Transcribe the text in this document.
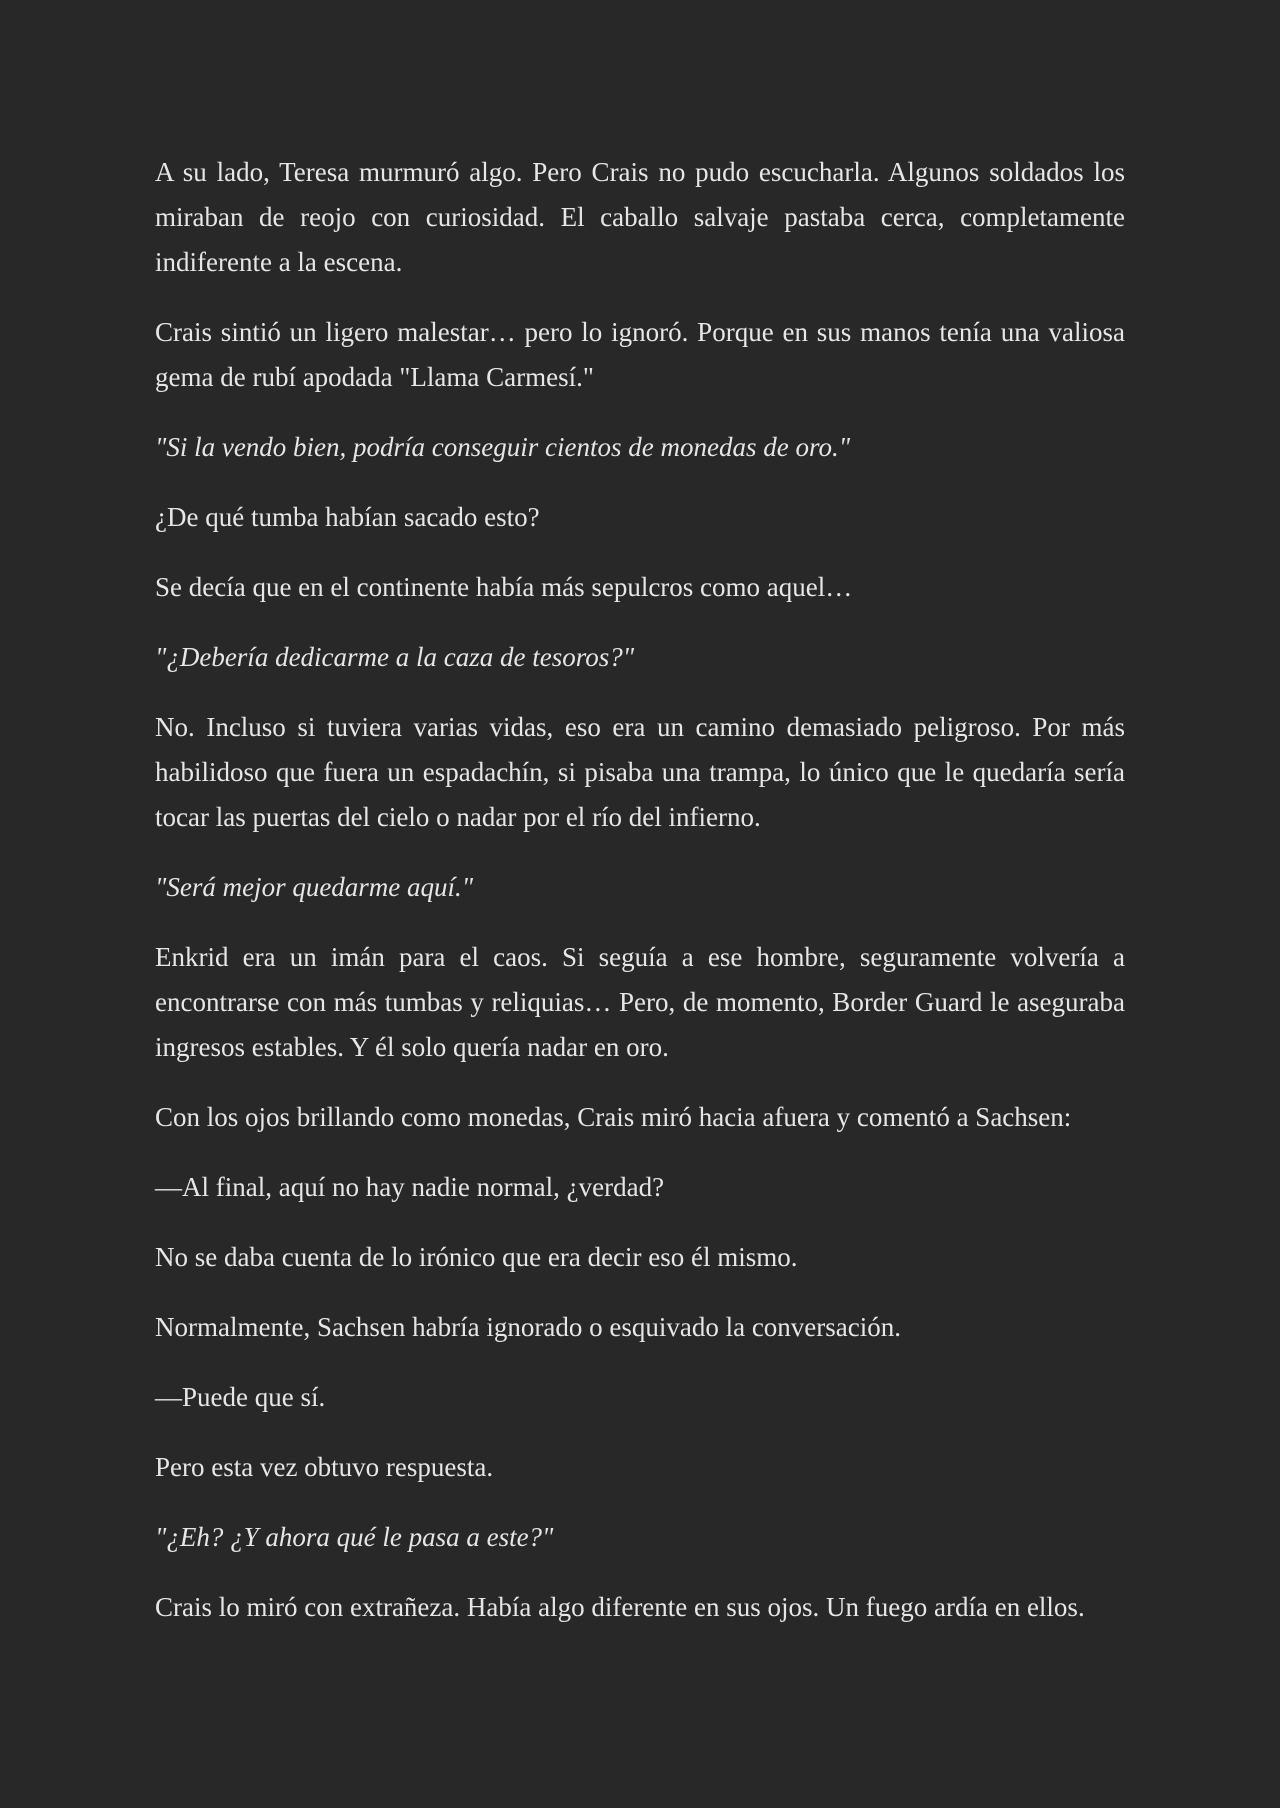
A su lado, Teresa murmuró algo. Pero Crais no pudo escucharla. Algunos soldados los miraban de reojo con curiosidad. El caballo salvaje pastaba cerca, completamente indiferente a la escena.

Crais sintió un ligero malestar… pero lo ignoró. Porque en sus manos tenía una valiosa gema de rubí apodada "Llama Carmesí."

"Si la vendo bien, podría conseguir cientos de monedas de oro."

¿De qué tumba habían sacado esto?

Se decía que en el continente había más sepulcros como aquel…

"¿Debería dedicarme a la caza de tesoros?"

No. Incluso si tuviera varias vidas, eso era un camino demasiado peligroso. Por más habilidoso que fuera un espadachín, si pisaba una trampa, lo único que le quedaría sería tocar las puertas del cielo o nadar por el río del infierno.

"Será mejor quedarme aquí."

Enkrid era un imán para el caos. Si seguía a ese hombre, seguramente volvería a encontrarse con más tumbas y reliquias… Pero, de momento, Border Guard le aseguraba ingresos estables. Y él solo quería nadar en oro.

Con los ojos brillando como monedas, Crais miró hacia afuera y comentó a Sachsen:

—Al final, aquí no hay nadie normal, ¿verdad?

No se daba cuenta de lo irónico que era decir eso él mismo.

Normalmente, Sachsen habría ignorado o esquivado la conversación.

—Puede que sí.

Pero esta vez obtuvo respuesta.

"¿Eh? ¿Y ahora qué le pasa a este?"

Crais lo miró con extrañeza. Había algo diferente en sus ojos. Un fuego ardía en ellos.
